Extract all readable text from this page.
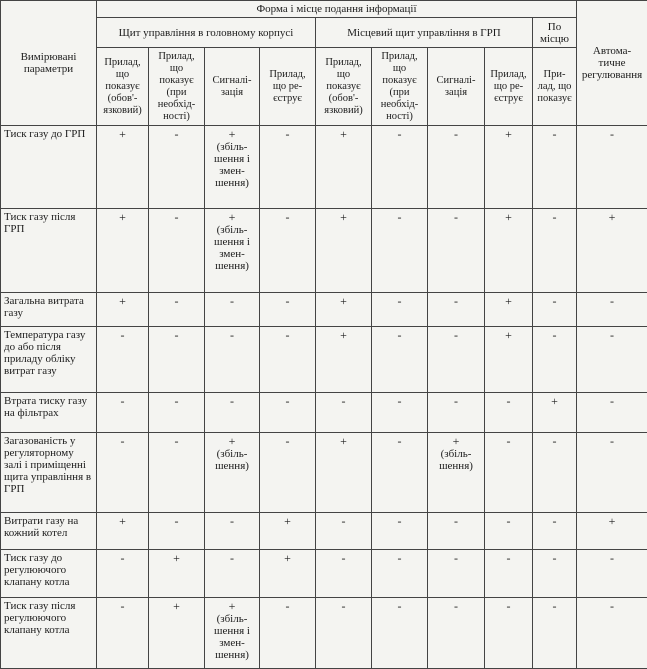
Вимірювані параметри	Форма і місце подання інформації									Автома-тичне регулювання
	Щит управління в головному корпусі				Місцевий щит управління в ГРП				По місцю	
	Прилад, що показує (обов'-язковий)	Прилад, що показує (при необхід-ності)	Сигналі-зація	Прилад, що ре-єструє	Прилад, що показує (обов'-язковий)	Прилад, що показує (при необхід-ності)	Сигналі-зація	Прилад, що ре-єструє	При-лад, що показує	
Тиск газу до ГРП	+	-	+
(збіль-
шення і
змен-
шення)	-	+	-	-	+	-	-

Тиск газу після ГРП	+	-	+
(збіль-
шення і
змен-
шення)	-	+	-	-	+	-	+

Загальна витрата газу	+	-	-	-	+	-	-	+	-	-

Температура газу до або після приладу обліку витрат газу	-	-	-	-	+	-	-	+	-	-

Втрата тиску газу на фільтрах	-	-	-	-	-	-	-	-	+	-

Загазованість у регуляторному залі і приміщенні щита управління в ГРП	-	-	+
(збіль-
шення)	-	+	-	+
(збіль-
шення)	-	-	-

Витрати газу на кожний котел	+	-	-	+	-	-	-	-	-	+

Тиск газу до регулюючого клапану котла	-	+	-	+	-	-	-	-	-	-

Тиск газу після регулюючого клапану котла	-	+	+
(збіль-
шення і
змен-
шення)	-	-	-	-	-	-	-
